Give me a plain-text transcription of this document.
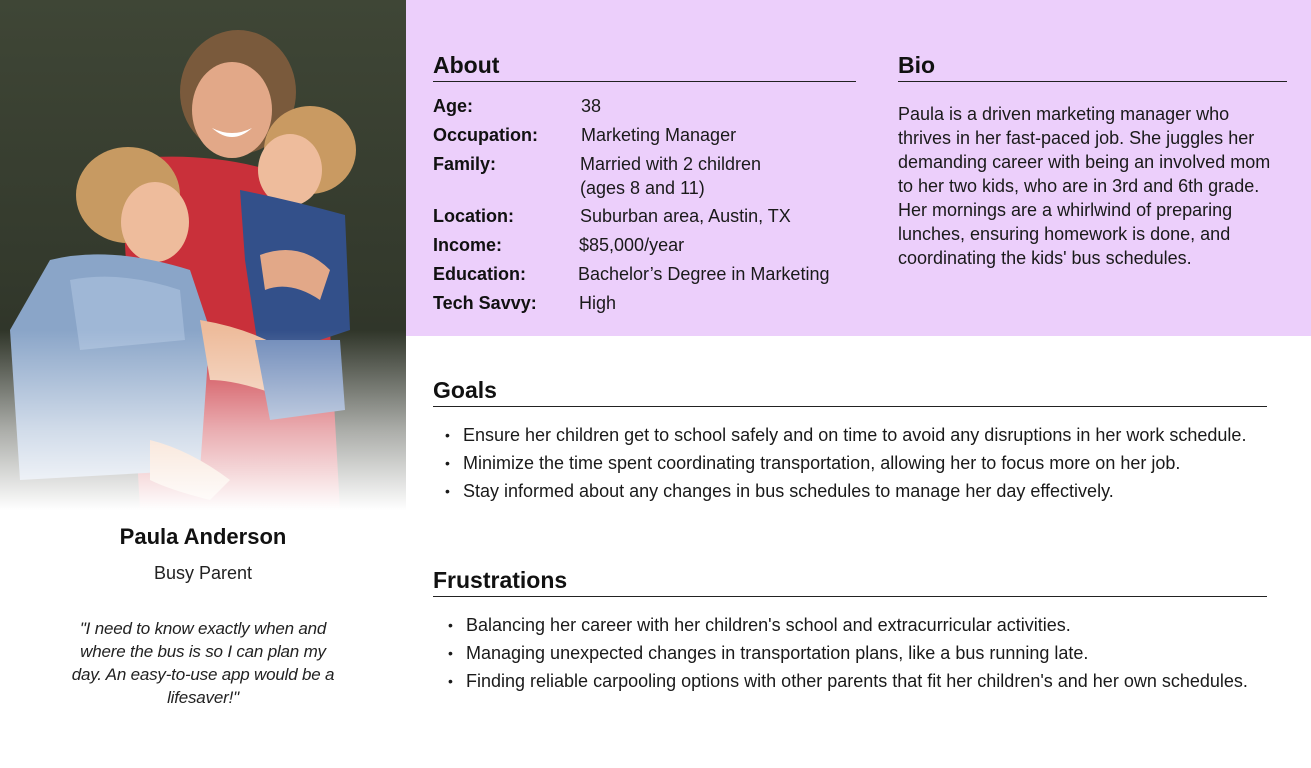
Paula Anderson
Busy Parent
"I need to know exactly when and where the bus is so I can plan my day. An easy-to-use app would be a lifesaver!"
About
Age:	38
Occupation: Marketing Manager
Family:	Married with 2 children
(ages 8 and 11)
Location:	Suburban area, Austin, TX
Income:	$85,000/year
Education:	Bachelor’s Degree in Marketing
Tech Savvy: High
Bio
Paula is a driven marketing manager who thrives in her fast-paced job. She juggles her demanding career with being an involved mom to her two kids, who are in 3rd and 6th grade. Her mornings are a whirlwind of preparing lunches, ensuring homework is done, and coordinating the kids' bus schedules.
Goals
• Ensure her children get to school safely and on time to avoid any disruptions in her work schedule.
• Minimize the time spent coordinating transportation, allowing her to focus more on her job.
• Stay informed about any changes in bus schedules to manage her day effectively.
Frustrations
• Balancing her career with her children's school and extracurricular activities.
• Managing unexpected changes in transportation plans, like a bus running late.
• Finding reliable carpooling options with other parents that fit her children's and her own schedules.
